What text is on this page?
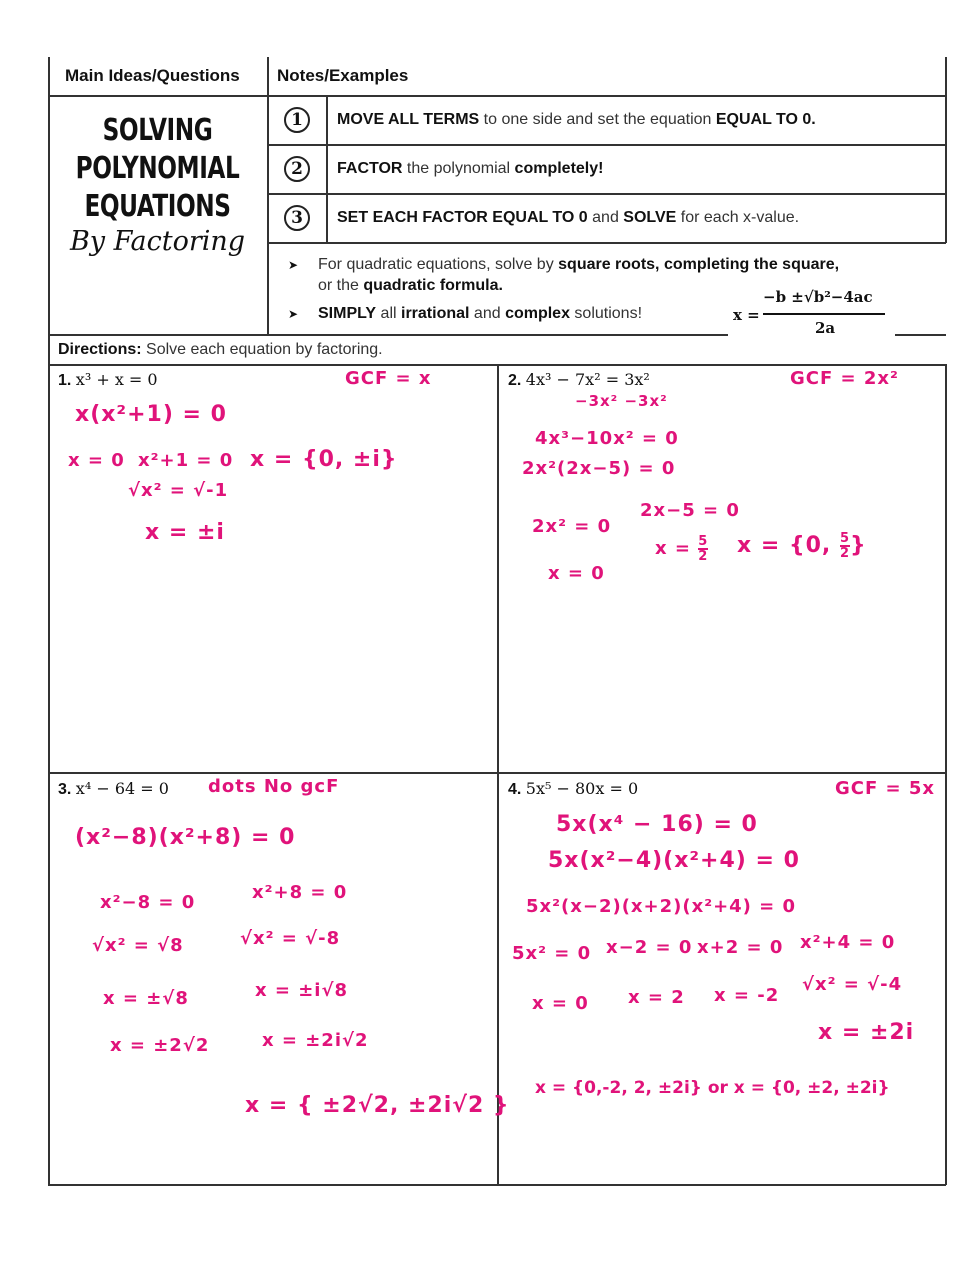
Main Ideas/Questions Notes/Examples
SOLVING
POLYNOMIAL
EQUATIONS
By Factoring
1	MOVE ALL TERMS to one side and set the equation EQUAL TO 0.
2	FACTOR the polynomial completely!
3	SET EACH FACTOR EQUAL TO 0 and SOLVE for each x-value.
➤ For quadratic equations, solve by square roots, completing the square,
or the quadratic formula.
➤ SIMPLY all irrational and complex solutions!	x =
−b ±√b²−4ac
2a
Directions: Solve each equation by factoring.
1. x³ + x = 0	2. 4x³ − 7x² = 3x²
3. x⁴ − 64 = 0	4. 5x⁵ − 80x = 0
GCF = x
x(x²+1) = 0
x = 0 x²+1 = 0 x = {0, ±i}
√x² = √-1
x = ±i
GCF = 2x²
−3x² −3x²
4x³−10x² = 0
2x²(2x−5) = 0
2x² = 0
2x−5 = 0
$x = \frac{5}{2}$ x = {0, $\frac{5}{2}$ }
x = 0
dots No gcF
(x²−8)(x²+8) = 0
x²−8 = 0	x²+8 = 0
√x² = √8	√x² = √-8
x = ±√8	x = ±i√8
x = ±2√2	x = ±2i√2
x = { ±2√2, ±2i√2 }
GCF = 5x
5x(x⁴ − 16) = 0
5x(x²−4)(x²+4) = 0
5x²(x−2)(x+2)(x²+4) = 0
5x² = 0 x−2 = 0 x+2 = 0 x²+4 = 0
x = 0 x = 2 x = -2
√x² = √-4
x = ±2i
x = {0,-2, 2, ±2i} or x = {0, ±2, ±2i}
